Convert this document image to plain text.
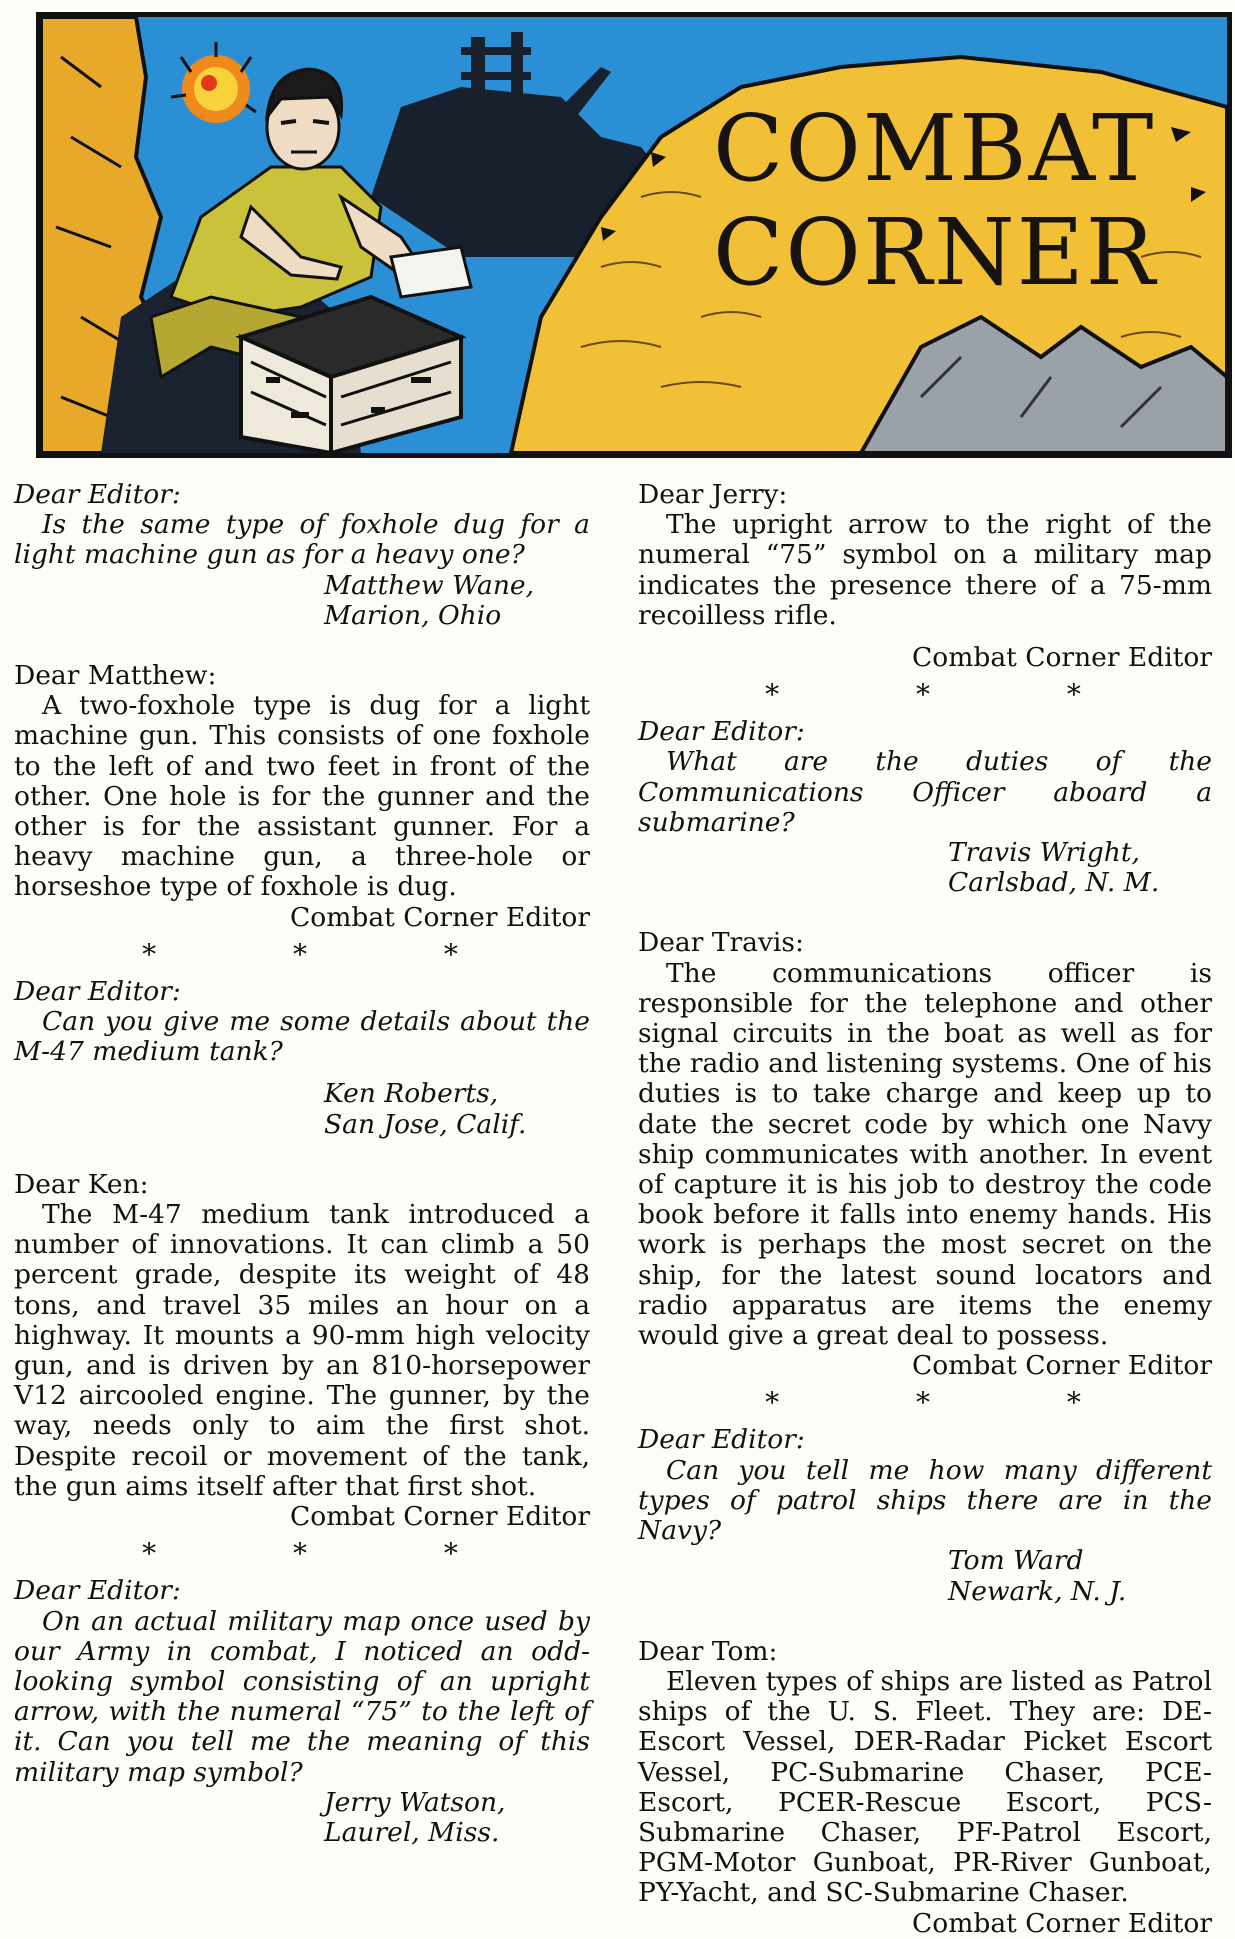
COMBAT
CORNER

Dear Editor:

Is the same type of foxhole dug for a light machine gun as for a heavy one?

Matthew Wane,

Marion, Ohio

Dear Matthew:

A two-foxhole type is dug for a light machine gun. This consists of one foxhole to the left of and two feet in front of the other. One hole is for the gunner and the other is for the assistant gunner. For a heavy machine gun, a three-hole or horseshoe type of foxhole is dug.

Combat Corner Editor

* * *

Dear Editor:

Can you give me some details about the M-47 medium tank?

Ken Roberts,

San Jose, Calif.

Dear Ken:

The M-47 medium tank introduced a number of innovations. It can climb a 50 percent grade, despite its weight of 48 tons, and travel 35 miles an hour on a highway. It mounts a 90-mm high velocity gun, and is driven by an 810-horsepower V12 aircooled engine. The gunner, by the way, needs only to aim the first shot. Despite recoil or movement of the tank, the gun aims itself after that first shot.

Combat Corner Editor

* * *

Dear Editor:

On an actual military map once used by our Army in combat, I noticed an odd-looking symbol consisting of an upright arrow, with the numeral “75” to the left of it. Can you tell me the meaning of this military map symbol?

Jerry Watson,

Laurel, Miss.

Dear Jerry:

The upright arrow to the right of the numeral “75” symbol on a military map indicates the presence there of a 75-mm recoilless rifle.

Combat Corner Editor

* * *

Dear Editor:

What are the duties of the Communications Officer aboard a submarine?

Travis Wright,

Carlsbad, N. M.

Dear Travis:

The communications officer is responsible for the telephone and other signal circuits in the boat as well as for the radio and listening systems. One of his duties is to take charge and keep up to date the secret code by which one Navy ship communicates with another. In event of capture it is his job to destroy the code book before it falls into enemy hands. His work is perhaps the most secret on the ship, for the latest sound locators and radio apparatus are items the enemy would give a great deal to possess.

Combat Corner Editor

* * *

Dear Editor:

Can you tell me how many different types of patrol ships there are in the Navy?

Tom Ward

Newark, N. J.

Dear Tom:

Eleven types of ships are listed as Patrol ships of the U. S. Fleet. They are: DE-Escort Vessel, DER-Radar Picket Escort Vessel, PC-Submarine Chaser, PCE-Escort, PCER-Rescue Escort, PCS-Submarine Chaser, PF-Patrol Escort, PGM-Motor Gunboat, PR-River Gunboat, PY-Yacht, and SC-Submarine Chaser.

Combat Corner Editor
